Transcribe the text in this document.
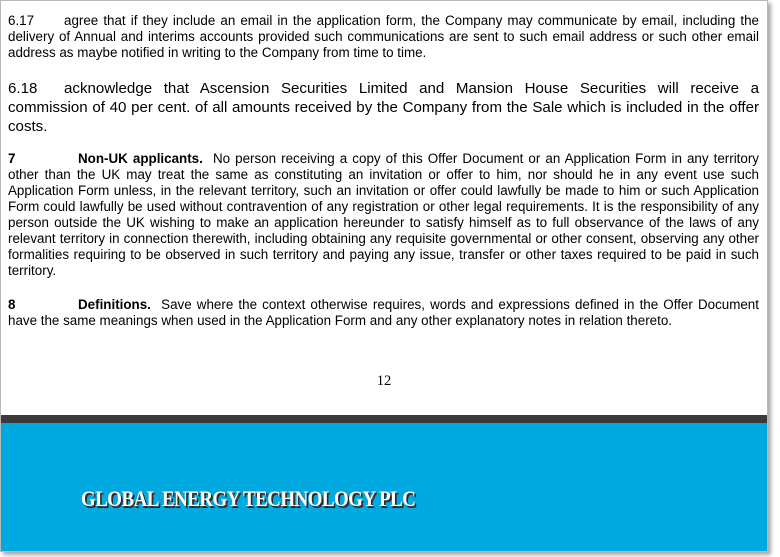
6.17 agree that if they include an email in the application form, the Company may communicate by email, including the delivery of Annual and interims accounts provided such communications are sent to such email address or such other email address as maybe notified in writing to the Company from time to time.

6.18 acknowledge that Ascension Securities Limited and Mansion House Securities will receive a commission of 40 per cent. of all amounts received by the Company from the Sale which is included in the offer costs.

7	Non-UK applicants. No person receiving a copy of this Offer Document or an Application Form in any territory other than the UK may treat the same as constituting an invitation or offer to him, nor should he in any event use such Application Form unless, in the relevant territory, such an invitation or offer could lawfully be made to him or such Application Form could lawfully be used without contravention of any registration or other legal requirements. It is the responsibility of any person outside the UK wishing to make an application hereunder to satisfy himself as to full observance of the laws of any relevant territory in connection therewith, including obtaining any requisite governmental or other consent, observing any other formalities requiring to be observed in such territory and paying any issue, transfer or other taxes required to be paid in such territory.

8	Definitions. Save where the context otherwise requires, words and expressions defined in the Offer Document have the same meanings when used in the Application Form and any other explanatory notes in relation thereto.

12
GLOBAL ENERGY TECHNOLOGY PLC
